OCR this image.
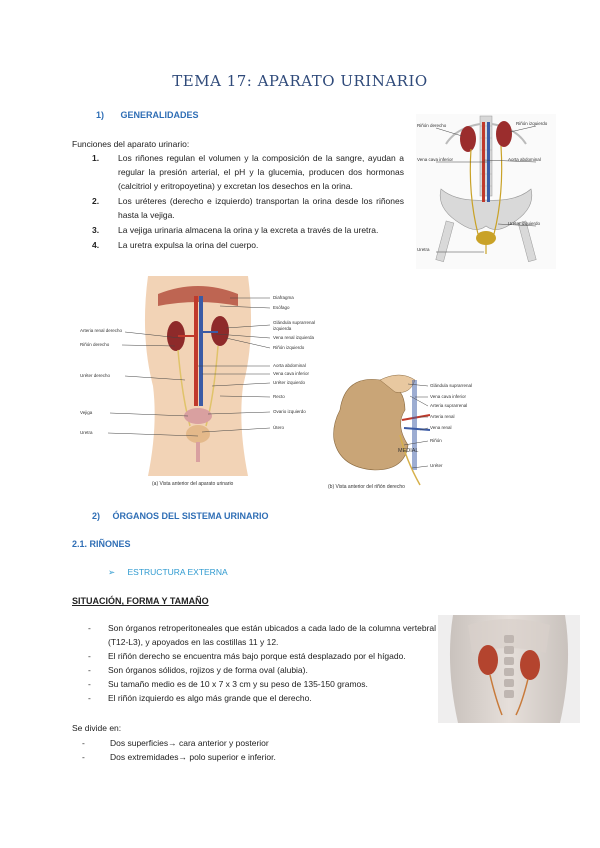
TEMA 17: APARATO URINARIO
1) GENERALIDADES
Funciones del aparato urinario:
1. Los riñones regulan el volumen y la composición de la sangre, ayudan a regular la presión arterial, el pH y la glucemia, producen dos hormonas (calcitriol y eritropoyetina) y excretan los desechos en la orina.
2. Los uréteres (derecho e izquierdo) transportan la orina desde los riñones hasta la vejiga.
3. La vejiga urinaria almacena la orina y la excreta a través de la uretra.
4. La uretra expulsa la orina del cuerpo.
Riñón derecho	Riñón izquierdo
Vena cava inferior	Aorta abdominal
Uréter izquierdo
Uretra
Arteria renal derecho
Riñón derecho
Uréter derecho
Vejiga
Uretra
Diafragma
Esófago
Glándula suprarrenal izquierda
Vena renal izquierda
Riñón izquierdo
Aorta abdominal
Vena cava inferior
Uréter izquierdo
Recto
Ovario izquierdo
Útero
(a) Vista anterior del aparato urinario
Glándula suprarrenal
Vena cava inferior
Arteria suprarrenal
Arteria renal
Vena renal
Riñón
MEDIAL
Uréter
(b) Vista anterior del riñón derecho
2) ÓRGANOS DEL SISTEMA URINARIO
2.1. RIÑONES
➢ ESTRUCTURA EXTERNA
SITUACIÓN, FORMA Y TAMAÑO
- Son órganos retroperitoneales que están ubicados a cada lado de la columna vertebral (T12-L3), y apoyados en las costillas 11 y 12.
- El riñón derecho se encuentra más bajo porque está desplazado por el hígado.
- Son órganos sólidos, rojizos y de forma oval (alubia).
- Su tamaño medio es de 10 x 7 x 3 cm y su peso de 135-150 gramos.
- El riñón izquierdo es algo más grande que el derecho.
Se divide en:
-	Dos superficies→ cara anterior y posterior
-	Dos extremidades→ polo superior e inferior.
